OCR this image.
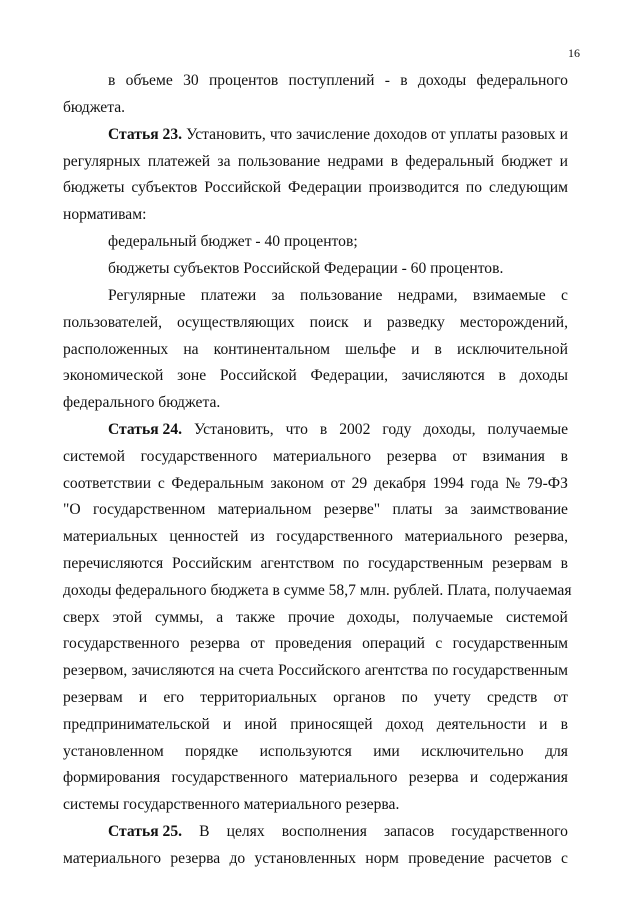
16
в объеме 30 процентов поступлений - в доходы федерального
бюджета.
Статья 23. Установить, что зачисление доходов от уплаты разовых и
регулярных платежей за пользование недрами в федеральный бюджет и
бюджеты субъектов Российской Федерации производится по следующим
нормативам:
федеральный бюджет - 40 процентов;
бюджеты субъектов Российской Федерации - 60 процентов.
Регулярные платежи за пользование недрами, взимаемые с
пользователей, осуществляющих поиск и разведку месторождений,
расположенных на континентальном шельфе и в исключительной
экономической зоне Российской Федерации, зачисляются в доходы
федерального бюджета.
Статья 24. Установить, что в 2002 году доходы, получаемые
системой государственного материального резерва от взимания в
соответствии с Федеральным законом от 29 декабря 1994 года № 79-ФЗ
"О государственном материальном резерве" платы за заимствование
материальных ценностей из государственного материального резерва,
перечисляются Российским агентством по государственным резервам в
доходы федерального бюджета в сумме 58,7 млн. рублей. Плата, получаемая
сверх этой суммы, а также прочие доходы, получаемые системой
государственного резерва от проведения операций с государственным
резервом, зачисляются на счета Российского агентства по государственным
резервам и его территориальных органов по учету средств от
предпринимательской и иной приносящей доход деятельности и в
установленном порядке используются ими исключительно для
формирования государственного материального резерва и содержания
системы государственного материального резерва.
Статья 25. В целях восполнения запасов государственного
материального резерва до установленных норм проведение расчетов с
